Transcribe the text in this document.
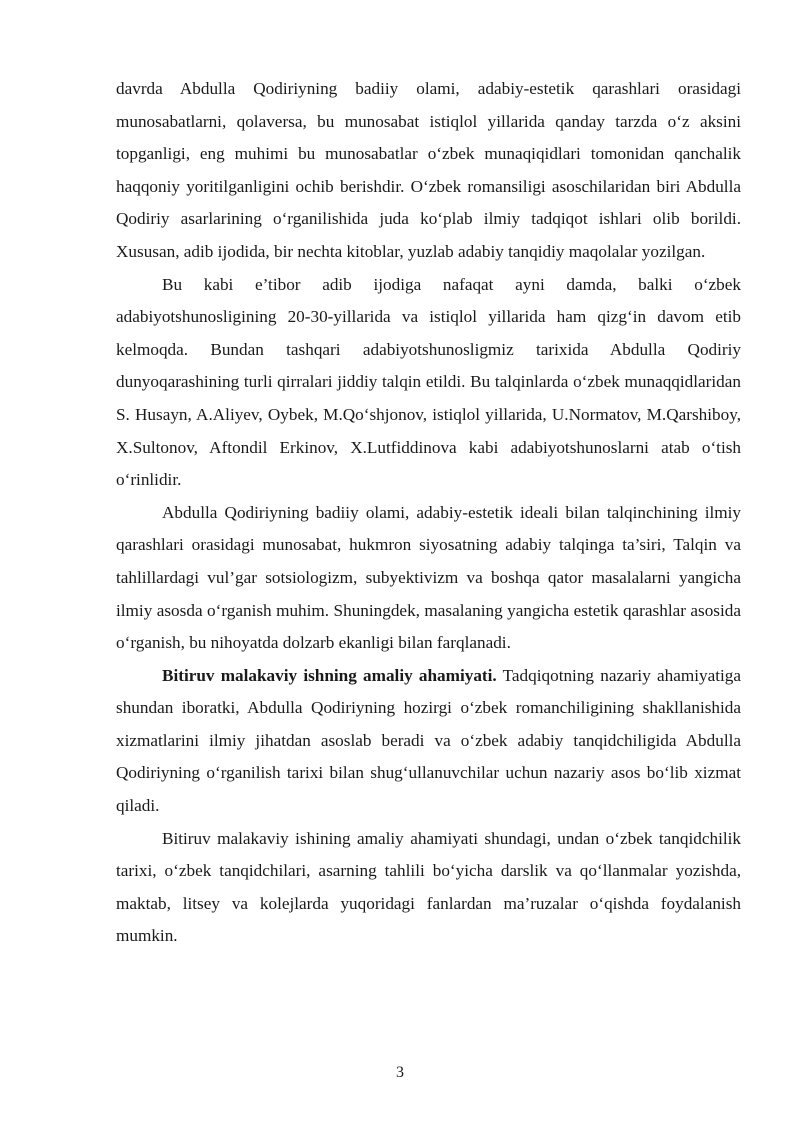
davrda Abdulla Qodiriyning badiiy olami, adabiy-estetik qarashlari orasidagi munosabatlarni, qolaversa, bu munosabat istiqlol yillarida qanday tarzda o‘z aksini topganligi, eng muhimi bu munosabatlar o‘zbek munaqiqidlari tomonidan qanchalik haqqoniy yoritilganligini ochib berishdir. O‘zbek romansiligi asoschilaridan biri Abdulla Qodiriy asarlarining o‘rganilishida juda ko‘plab ilmiy tadqiqot ishlari olib borildi. Xususan, adib ijodida, bir nechta kitoblar, yuzlab adabiy tanqidiy maqolalar yozilgan.

Bu kabi e’tibor adib ijodiga nafaqat ayni damda, balki o‘zbek adabiyotshunosligining 20-30-yillarida va istiqlol yillarida ham qizg‘in davom etib kelmoqda. Bundan tashqari adabiyotshunosligmiz tarixida Abdulla Qodiriy dunyoqarashining turli qirralari jiddiy talqin etildi. Bu talqinlarda o‘zbek munaqqidlaridan S. Husayn, A.Aliyev, Oybek, M.Qo‘shjonov, istiqlol yillarida, U.Normatov, M.Qarshiboy, X.Sultonov, Aftondil Erkinov, X.Lutfiddinova kabi adabiyotshunoslarni atab o‘tish o‘rinlidir.

Abdulla Qodiriyning badiiy olami, adabiy-estetik ideali bilan talqinchining ilmiy qarashlari orasidagi munosabat, hukmron siyosatning adabiy talqinga ta’siri, Talqin va tahlillardagi vul’gar sotsiologizm, subyektivizm va boshqa qator masalalarni yangicha ilmiy asosda o‘rganish muhim. Shuningdek, masalaning yangicha estetik qarashlar asosida o‘rganish, bu nihoyatda dolzarb ekanligi bilan farqlanadi.

Bitiruv malakaviy ishning amaliy ahamiyati. Tadqiqotning nazariy ahamiyatiga shundan iboratki, Abdulla Qodiriyning hozirgi o‘zbek romanchiligining shakllanishida xizmatlarini ilmiy jihatdan asoslab beradi va o‘zbek adabiy tanqidchiligida Abdulla Qodiriyning o‘rganilish tarixi bilan shug‘ullanuvchilar uchun nazariy asos bo‘lib xizmat qiladi.

Bitiruv malakaviy ishining amaliy ahamiyati shundagi, undan o‘zbek tanqidchilik tarixi, o‘zbek tanqidchilari, asarning tahlili bo‘yicha darslik va qo‘llanmalar yozishda, maktab, litsey va kolejlarda yuqoridagi fanlardan ma’ruzalar o‘qishda foydalanish mumkin.

3
